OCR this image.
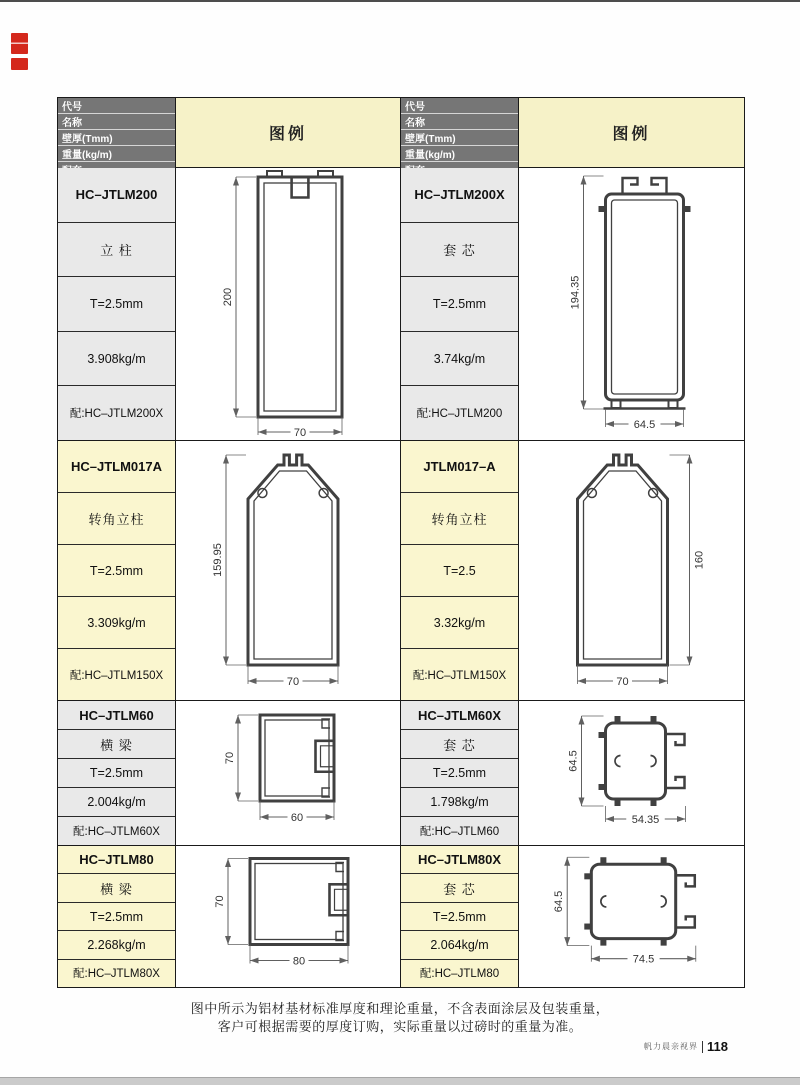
代号
名称
壁厚(Tmm)
重量(kg/m)
图例
代号
名称
壁厚(Tmm)
重量(kg/m)
图例
HC–JTLM200
立 柱
T=2.5mm
3.908kg/m
配:HC–JTLM200X
200
70
HC–JTLM200X
套 芯
T=2.5mm
3.74kg/m
配:HC–JTLM200
194.35
64.5
HC–JTLM017A
转角立柱
T=2.5mm
3.309kg/m
配:HC–JTLM150X
159.95
70
JTLM017–A
转角立柱
T=2.5
3.32kg/m
配:HC–JTLM150X
160
70
HC–JTLM60
横 梁
T=2.5mm
2.004kg/m
配:HC–JTLM60X
70
60
HC–JTLM60X
套 芯
T=2.5mm
1.798kg/m
配:HC–JTLM60
64.5
54.35
HC–JTLM80
横 梁
T=2.5mm
2.268kg/m
配:HC–JTLM80X
70
80
HC–JTLM80X
套 芯
T=2.5mm
2.064kg/m
配:HC–JTLM80
64.5
74.5
图中所示为铝材基材标准厚度和理论重量，不含表面涂层及包装重量，
客户可根据需要的厚度订购，实际重量以过磅时的重量为准。
帆力晨亲视界 118
